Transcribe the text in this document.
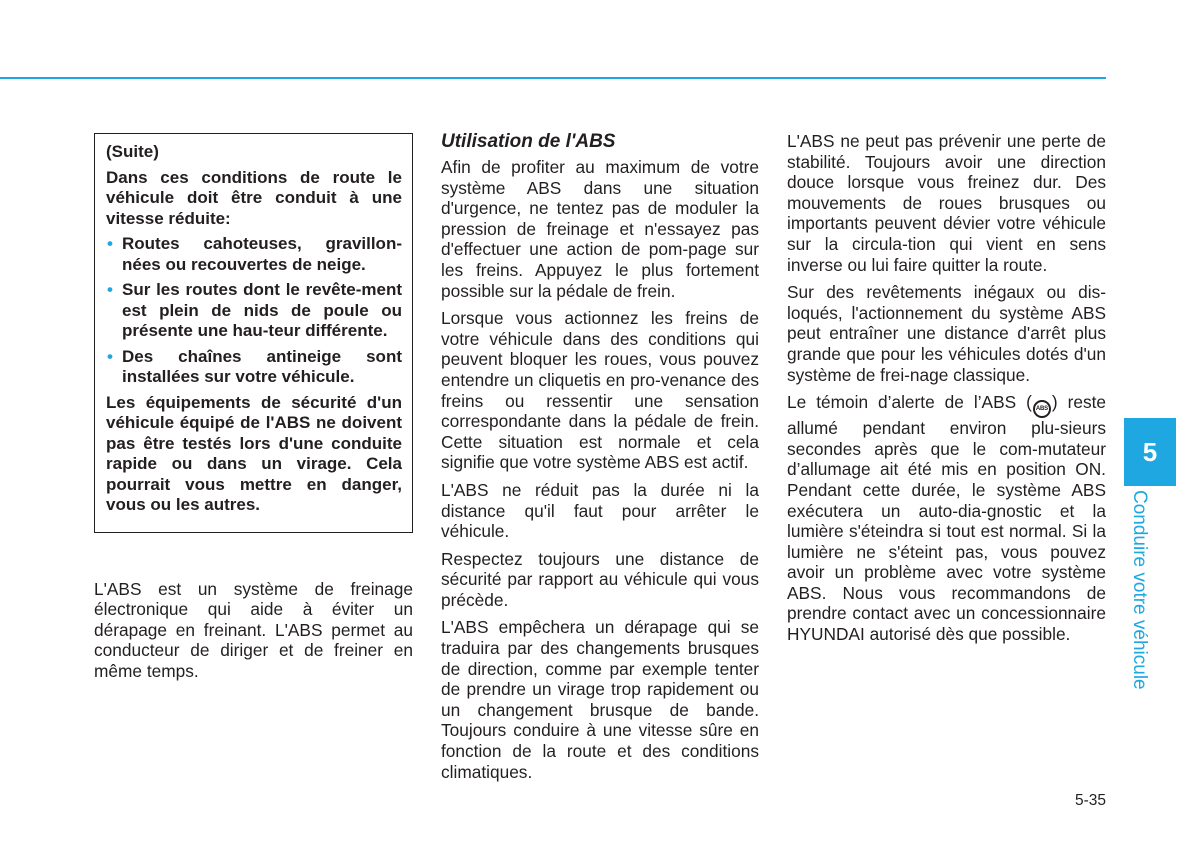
(Suite)

Dans ces conditions de route le véhicule doit être conduit à une vitesse réduite:

• Routes cahoteuses, gravillon-nées ou recouvertes de neige.
• Sur les routes dont le revête-ment est plein de nids de poule ou présente une hau-teur différente.
• Des chaînes antineige sont installées sur votre véhicule.

Les équipements de sécurité d'un véhicule équipé de l'ABS ne doivent pas être testés lors d'une conduite rapide ou dans un virage. Cela pourrait vous mettre en danger, vous ou les autres.

L'ABS est un système de freinage électronique qui aide à éviter un dérapage en freinant. L'ABS permet au conducteur de diriger et de freiner en même temps.

Utilisation de l'ABS

Afin de profiter au maximum de votre système ABS dans une situation d'urgence, ne tentez pas de moduler la pression de freinage et n'essayez pas d'effectuer une action de pom-page sur les freins. Appuyez le plus fortement possible sur la pédale de frein.

Lorsque vous actionnez les freins de votre véhicule dans des conditions qui peuvent bloquer les roues, vous pouvez entendre un cliquetis en pro-venance des freins ou ressentir une sensation correspondante dans la pédale de frein. Cette situation est normale et cela signifie que votre système ABS est actif.

L'ABS ne réduit pas la durée ni la distance qu'il faut pour arrêter le véhicule.

Respectez toujours une distance de sécurité par rapport au véhicule qui vous précède.

L'ABS empêchera un dérapage qui se traduira par des changements brusques de direction, comme par exemple tenter de prendre un virage trop rapidement ou un changement brusque de bande. Toujours conduire à une vitesse sûre en fonction de la route et des conditions climatiques.

L'ABS ne peut pas prévenir une perte de stabilité. Toujours avoir une direction douce lorsque vous freinez dur. Des mouvements de roues brusques ou importants peuvent dévier votre véhicule sur la circula-tion qui vient en sens inverse ou lui faire quitter la route.

Sur des revêtements inégaux ou dis-loqués, l'actionnement du système ABS peut entraîner une distance d'arrêt plus grande que pour les véhicules dotés d'un système de frei-nage classique.

Le témoin d’alerte de l’ABS ( ABS ) reste allumé pendant environ plu-sieurs secondes après que le com-mutateur d’allumage ait été mis en position ON. Pendant cette durée, le système ABS exécutera un auto-dia-gnostic et la lumière s'éteindra si tout est normal. Si la lumière ne s'éteint pas, vous pouvez avoir un problème avec votre système ABS. Nous vous recommandons de prendre contact avec un concessionnaire HYUNDAI autorisé dès que possible.

5
Conduire votre véhicule
5-35
